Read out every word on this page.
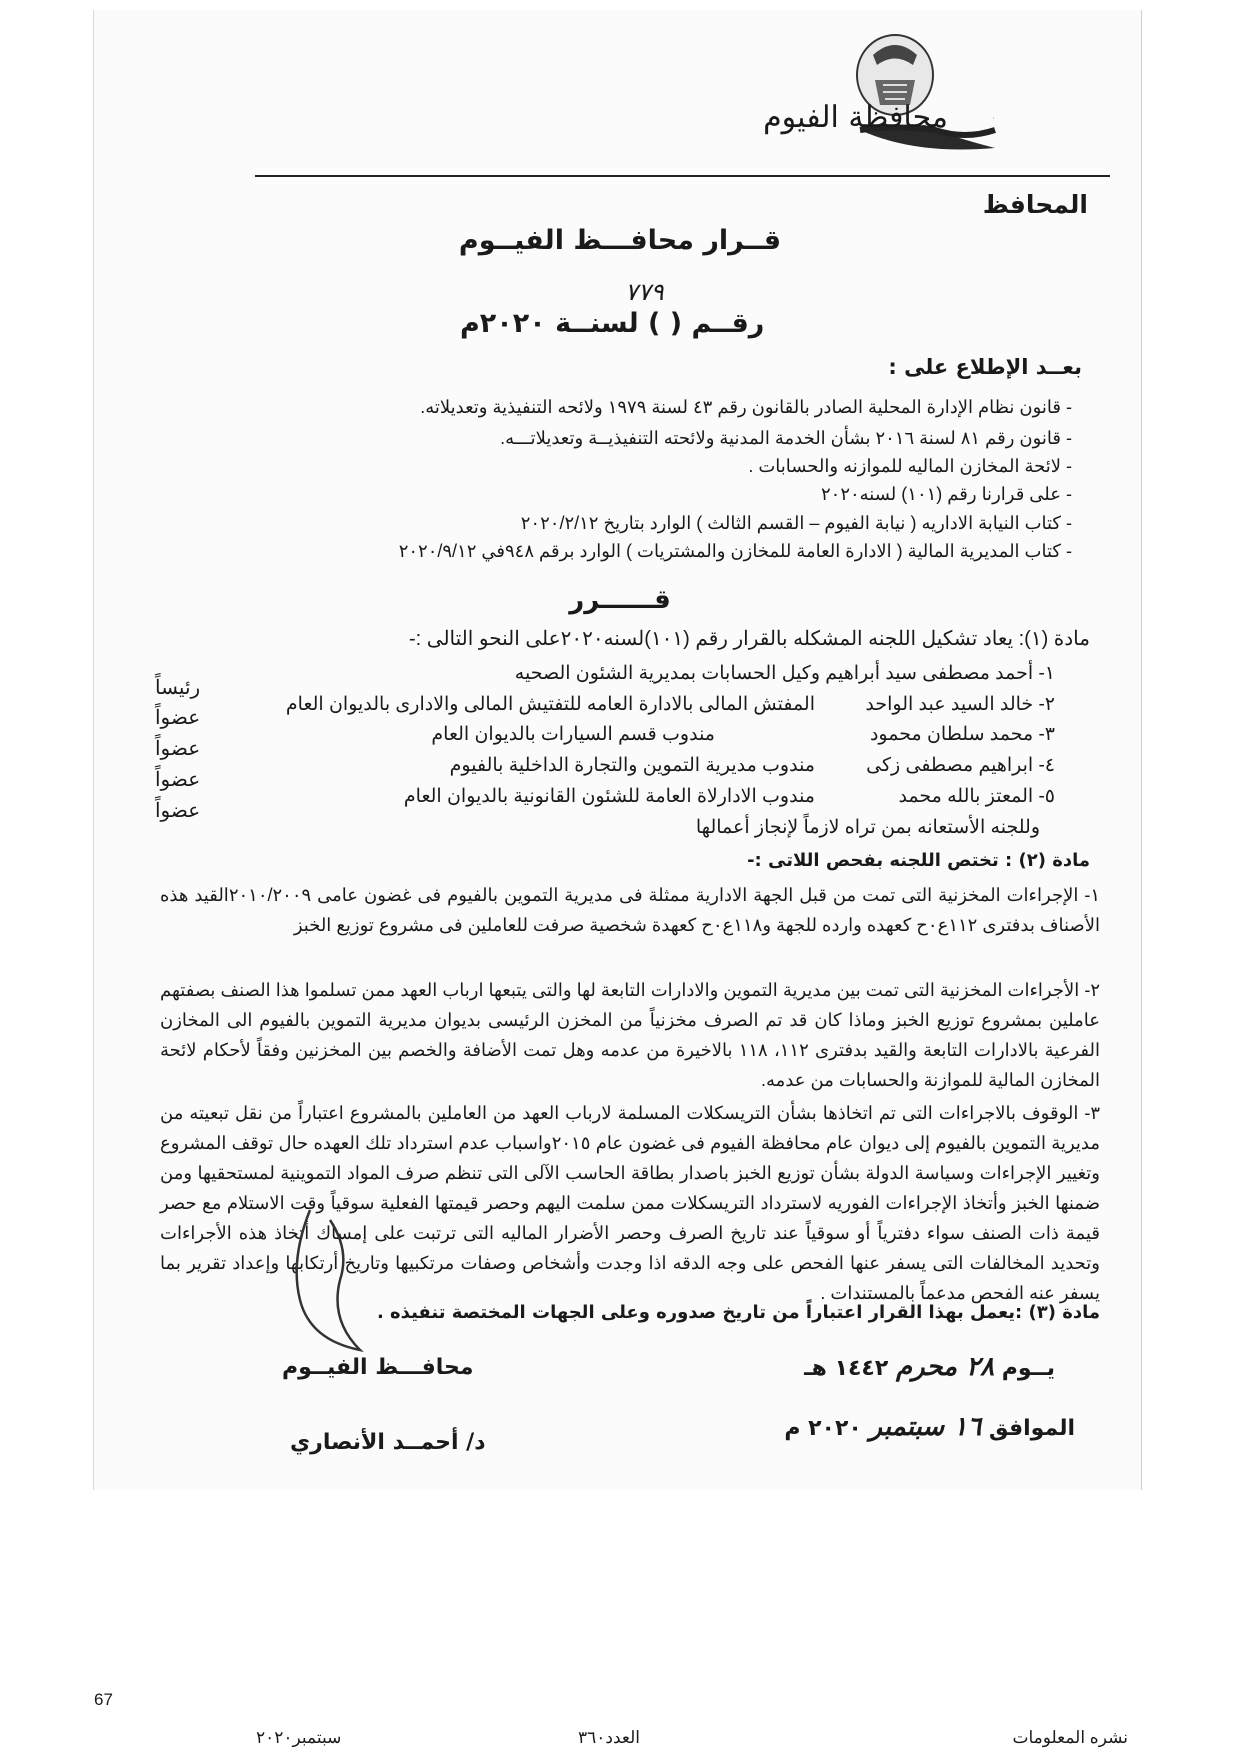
ˌ
محافظة الفيوم
المحافظ
قــرار محافـــظ الفيــوم
رقــم ( ) لسنــة ٢٠٢٠م
٧٧٩
بعــد الإطلاع على :
- قانون نظام الإدارة المحلية الصادر بالقانون رقم ٤٣ لسنة ١٩٧٩ ولائحه التنفيذية وتعديلاته.
- قانون رقم ٨١ لسنة ٢٠١٦ بشأن الخدمة المدنية ولائحته التنفيذيــة وتعديلاتـــه.
- لائحة المخازن الماليه للموازنه والحسابات .
- على قرارنا رقم (١٠١) لسنه٢٠٢٠
- كتاب النيابة الاداريه ( نيابة الفيوم – القسم الثالث ) الوارد بتاريخ ٢٠٢٠/٢/١٢
- كتاب المديرية المالية ( الادارة العامة للمخازن والمشتريات ) الوارد برقم ٩٤٨في ٢٠٢٠/٩/١٢
قــــــرر
مادة (١): يعاد تشكيل اللجنه المشكله بالقرار رقم (١٠١)لسنه٢٠٢٠على النحو التالى :-
١- أحمد مصطفى سيد أبراهيم وكيل الحسابات بمديرية الشئون الصحيه
رئيساً
٢- خالد السيد عبد الواحد
المفتش المالى بالادارة العامه للتفتيش المالى والادارى بالديوان العام
عضواً
٣- محمد سلطان محمود
مندوب قسم السيارات بالديوان العام
عضواً
٤- ابراهيم مصطفى زكى
مندوب مديرية التموين والتجارة الداخلية بالفيوم
عضواً
٥- المعتز بالله محمد
مندوب الادارلاة العامة للشئون القانونية بالديوان العام
عضواً
وللجنه الأستعانه بمن تراه لازماً لإنجاز أعمالها
مادة (٢) : تختص اللجنه بفحص اللاتى :-
١- الإجراءات المخزنية التى تمت من قبل الجهة الادارية ممثلة فى مديرية التموين بالفيوم فى غضون عامى ٢٠١٠/٢٠٠٩القيد هذه الأصناف بدفترى ١١٢ع٠ح كعهده وارده للجهة و١١٨ع٠ح كعهدة شخصية صرفت للعاملين فى مشروع توزيع الخبز
٢- الأجراءات المخزنية التى تمت بين مديرية التموين والادارات التابعة لها والتى يتبعها ارباب العهد ممن تسلموا هذا الصنف بصفتهم عاملين بمشروع توزيع الخبز وماذا كان قد تم الصرف مخزنياً من المخزن الرئيسى بديوان مديرية التموين بالفيوم الى المخازن الفرعية بالادارات التابعة والقيد بدفترى ١١٢، ١١٨ بالاخيرة من عدمه وهل تمت الأضافة والخصم بين المخزنين وفقاً لأحكام لائحة المخازن المالية للموازنة والحسابات من عدمه.
٣- الوقوف بالاجراءات التى تم اتخاذها بشأن التريسكلات المسلمة لارباب العهد من العاملين بالمشروع اعتباراً من نقل تبعيته من مديرية التموين بالفيوم إلى ديوان عام محافظة الفيوم فى غضون عام ٢٠١٥واسباب عدم استرداد تلك العهده حال توقف المشروع وتغيير الإجراءات وسياسة الدولة بشأن توزيع الخبز باصدار بطاقة الحاسب الآلى التى تنظم صرف المواد التموينية لمستحقيها ومن ضمنها الخبز وأتخاذ الإجراءات الفوريه لاسترداد التريسكلات ممن سلمت اليهم وحصر قيمتها الفعلية سوقياً وقت الاستلام مع حصر قيمة ذات الصنف سواء دفترياً أو سوقياً عند تاريخ الصرف وحصر الأضرار الماليه التى ترتبت على إمساك أتخاذ هذه الأجراءات وتحديد المخالفات التى يسفر عنها الفحص على وجه الدقه اذا وجدت وأشخاص وصفات مرتكبيها وتاريخ أرتكابها وإعداد تقرير بما يسفر عنه الفحص مدعماً بالمستندات .
مادة (٣) :يعمل بهذا القرار اعتباراً من تاريخ صدوره وعلى الجهات المختصة تنفيذه .
يــوم ٢٨ محرم ١٤٤٢ هـ
محافـــظ الفيــوم
الموافق ١٦ سبتمبر ٢٠٢٠ م
د/ أحمــد الأنصاري
67
سبتمبر٢٠٢٠	العدد٣٦٠	نشره المعلومات
